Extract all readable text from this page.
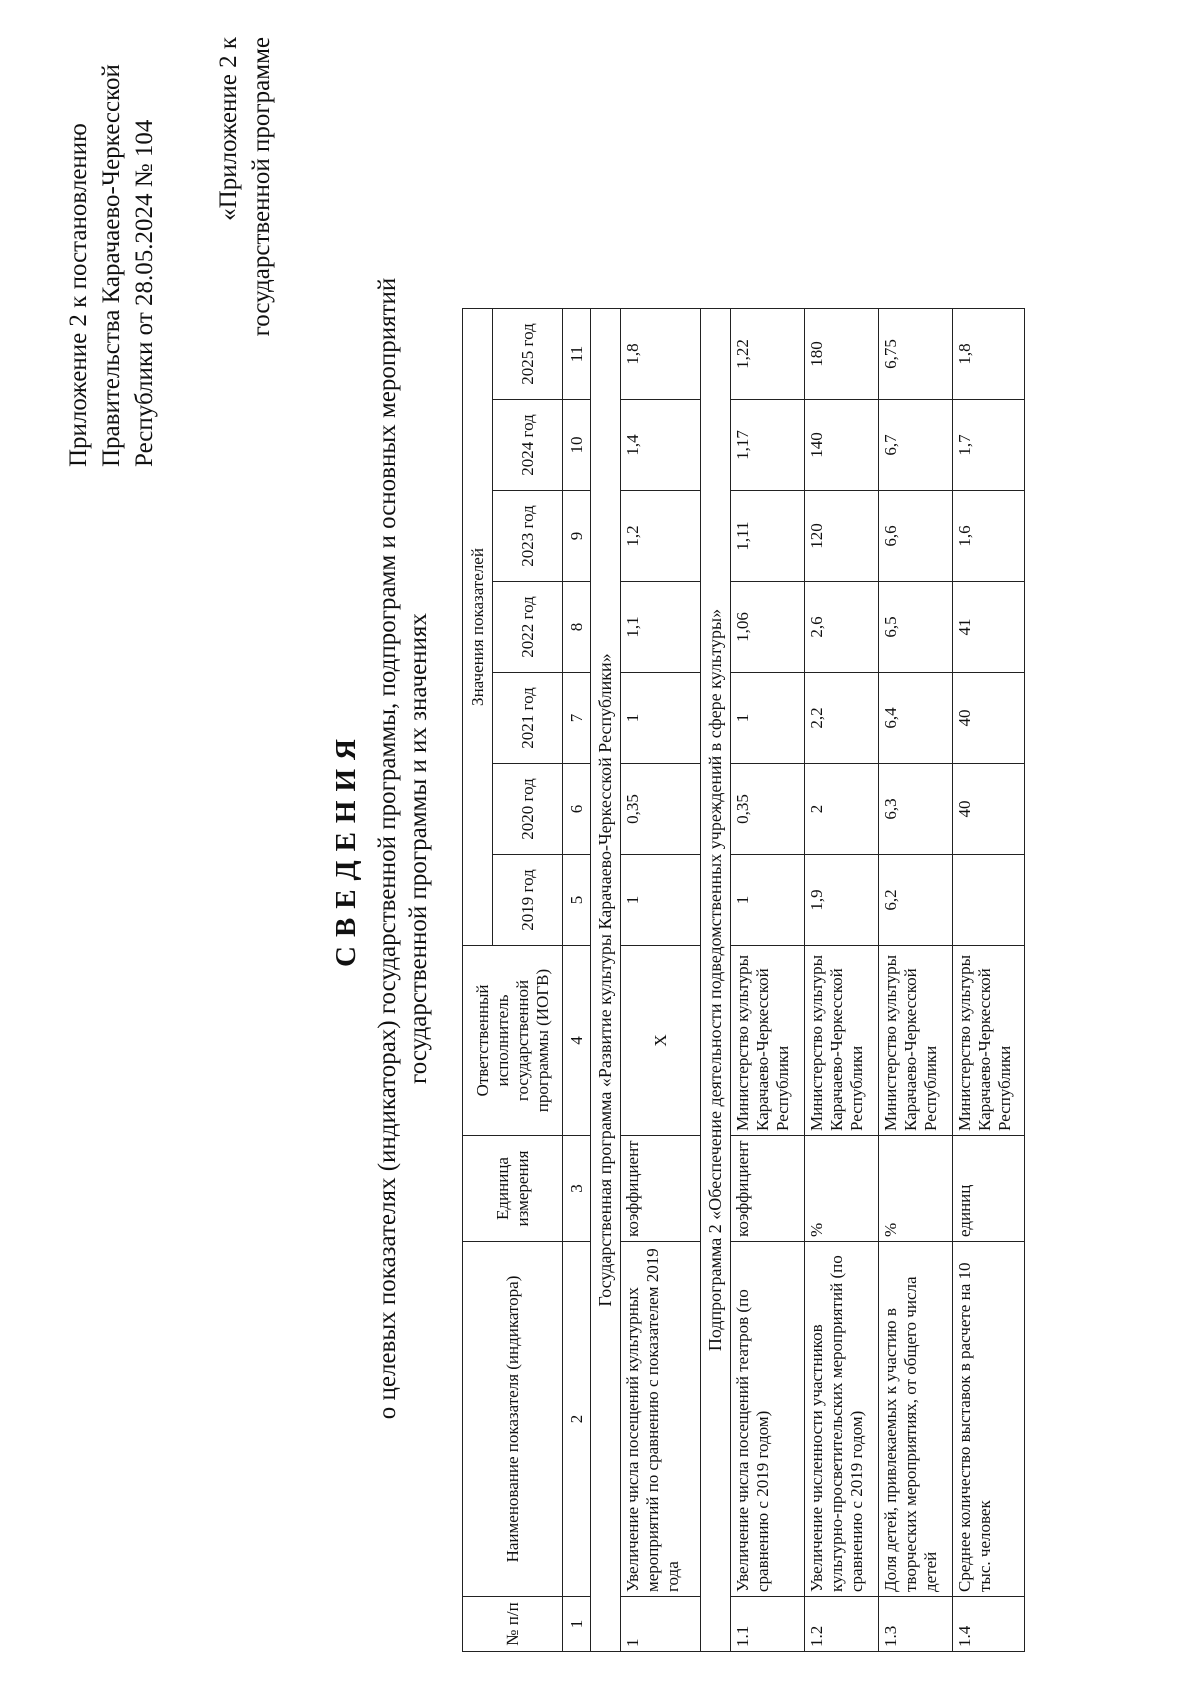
Приложение 2 к постановлению Правительства Карачаево-Черкесской Республики от 28.05.2024 № 104 «Приложение 2 к государственной программе
СВЕДЕНИЯ о целевых показателях (индикаторах) государственной программы, подпрограмм и основных мероприятий государственной программы и их значениях
№ п/п	Наименование показателя (индикатора)	Единица измерения	Ответственный исполнитель государственной программы (ИОГВ)	Значения показателей						
				2019 год	2020 год	2021 год	2022 год	2023 год	2024 год	2025 год
1	2	3	4	5	6	7	8	9	10	11
Государственная программа «Развитие культуры Карачаево-Черкесской Республики»										
1	Увеличение числа посещений культурных мероприятий по сравнению с показателем 2019 года	коэффициент	X	1	0,35	1	1,1	1,2	1,4	1,8
Подпрограмма 2 «Обеспечение деятельности подведомственных учреждений в сфере культуры»										
1.1	Увеличение числа посещений театров (по сравнению с 2019 годом)	коэффициент	Министерство культуры Карачаево-Черкесской Республики	1	0,35	1	1,06	1,11	1,17	1,22
1.2	Увеличение численности участников культурно-просветительских мероприятий (по сравнению с 2019 годом)	%	Министерство культуры Карачаево-Черкесской Республики	1,9	2	2,2	2,6	120	140	180
1.3	Доля детей, привлекаемых к участию в творческих мероприятиях, от общего числа детей	%	Министерство культуры Карачаево-Черкесской Республики	6,2	6,3	6,4	6,5	6,6	6,7	6,75
1.4	Среднее количество выставок в расчете на 10 тыс. человек	единиц	Министерство культуры Карачаево-Черкесской Республики		40	40	41	1,6	1,7	1,8
